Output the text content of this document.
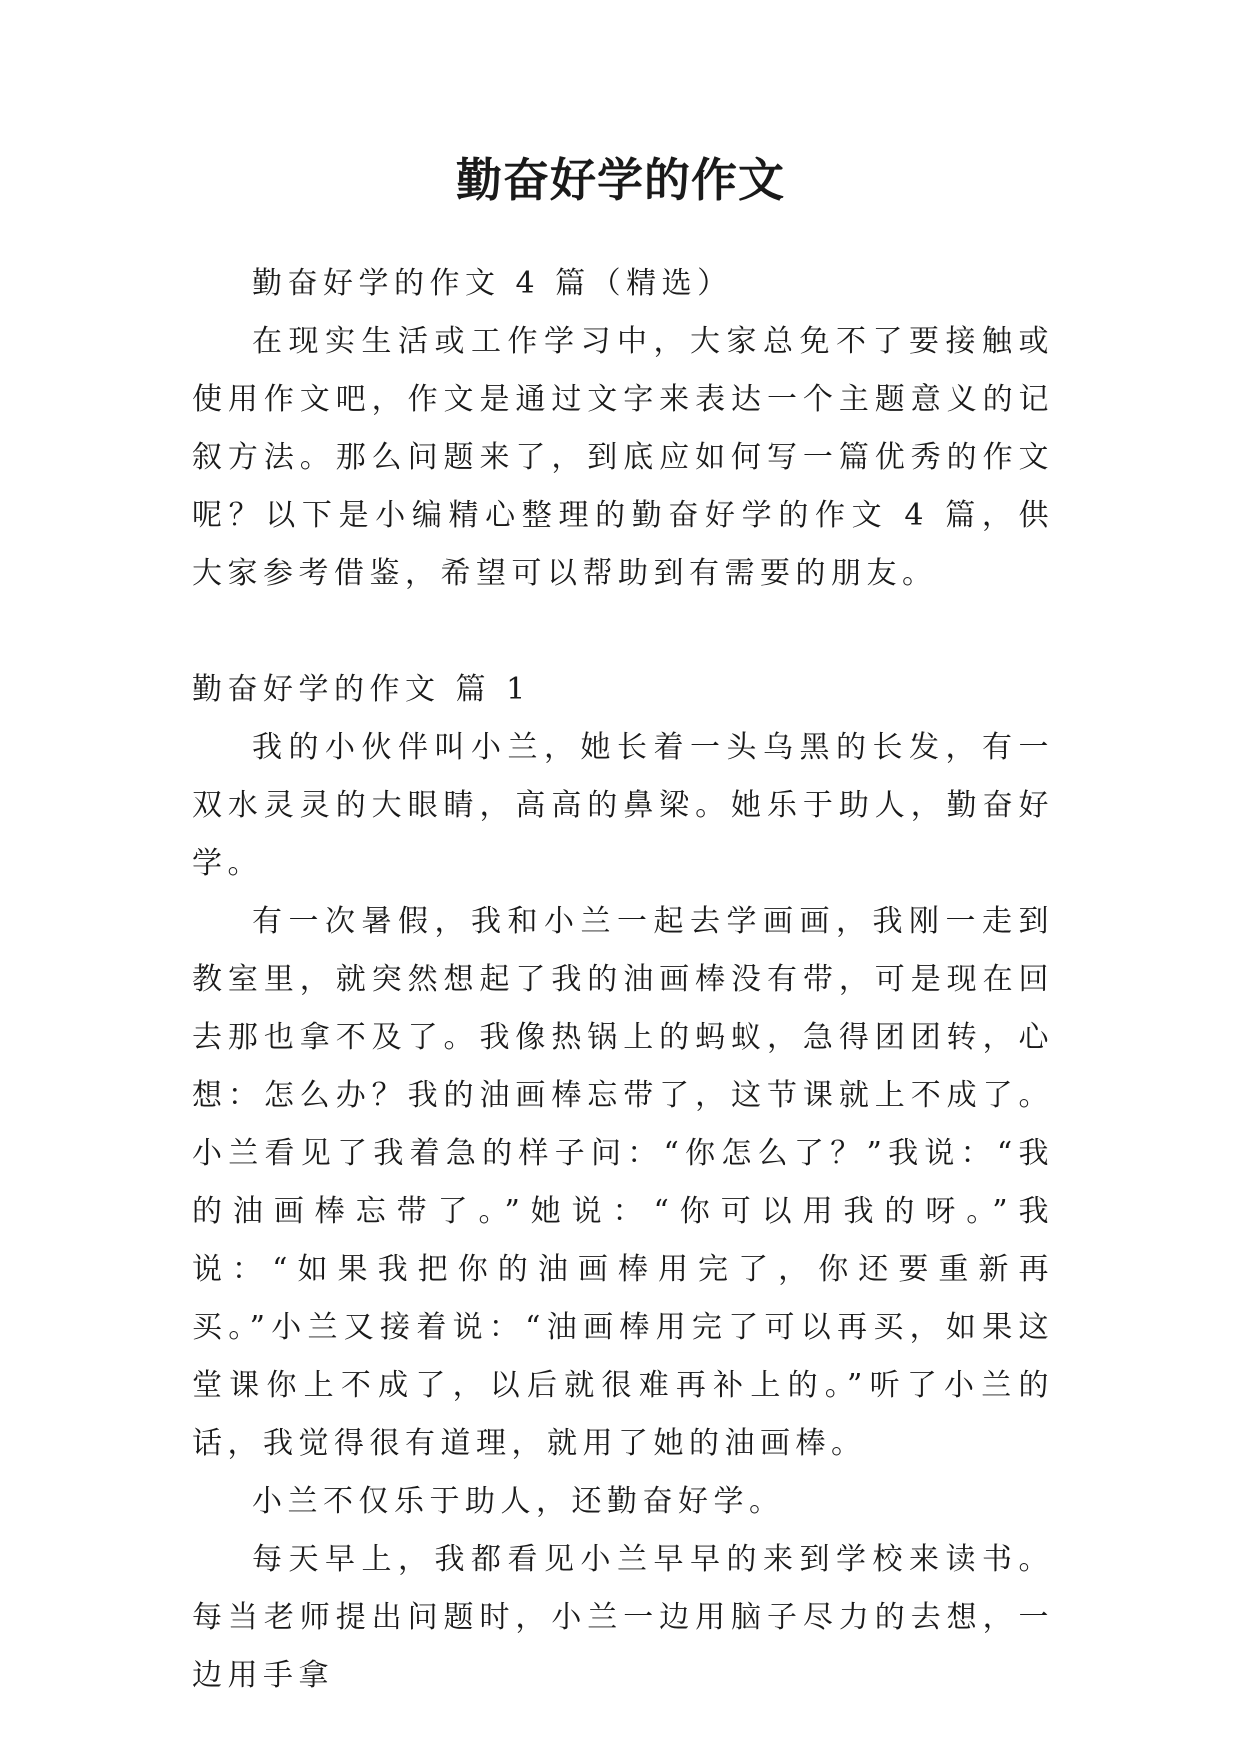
勤奋好学的作文

勤奋好学的作文 4 篇（精选）

在现实生活或工作学习中，大家总免不了要接触或使用作文吧，作文是通过文字来表达一个主题意义的记叙方法。那么问题来了，到底应如何写一篇优秀的作文呢？以下是小编精心整理的勤奋好学的作文 4 篇，供大家参考借鉴，希望可以帮助到有需要的朋友。

勤奋好学的作文 篇 1

我的小伙伴叫小兰，她长着一头乌黑的长发，有一双水灵灵的大眼睛，高高的鼻梁。她乐于助人，勤奋好学。

有一次暑假，我和小兰一起去学画画，我刚一走到教室里，就突然想起了我的油画棒没有带，可是现在回去那也拿不及了。我像热锅上的蚂蚁，急得团团转，心想：怎么办？我的油画棒忘带了，这节课就上不成了。小兰看见了我着急的样子问：“你怎么了？”我说：“我的油画棒忘带了。”她说：“你可以用我的呀。”我说：“如果我把你的油画棒用完了，你还要重新再买。”小兰又接着说：“油画棒用完了可以再买，如果这堂课你上不成了，以后就很难再补上的。”听了小兰的话，我觉得很有道理，就用了她的油画棒。

小兰不仅乐于助人，还勤奋好学。

每天早上，我都看见小兰早早的来到学校来读书。每当老师提出问题时，小兰一边用脑子尽力的去想，一边用手拿
